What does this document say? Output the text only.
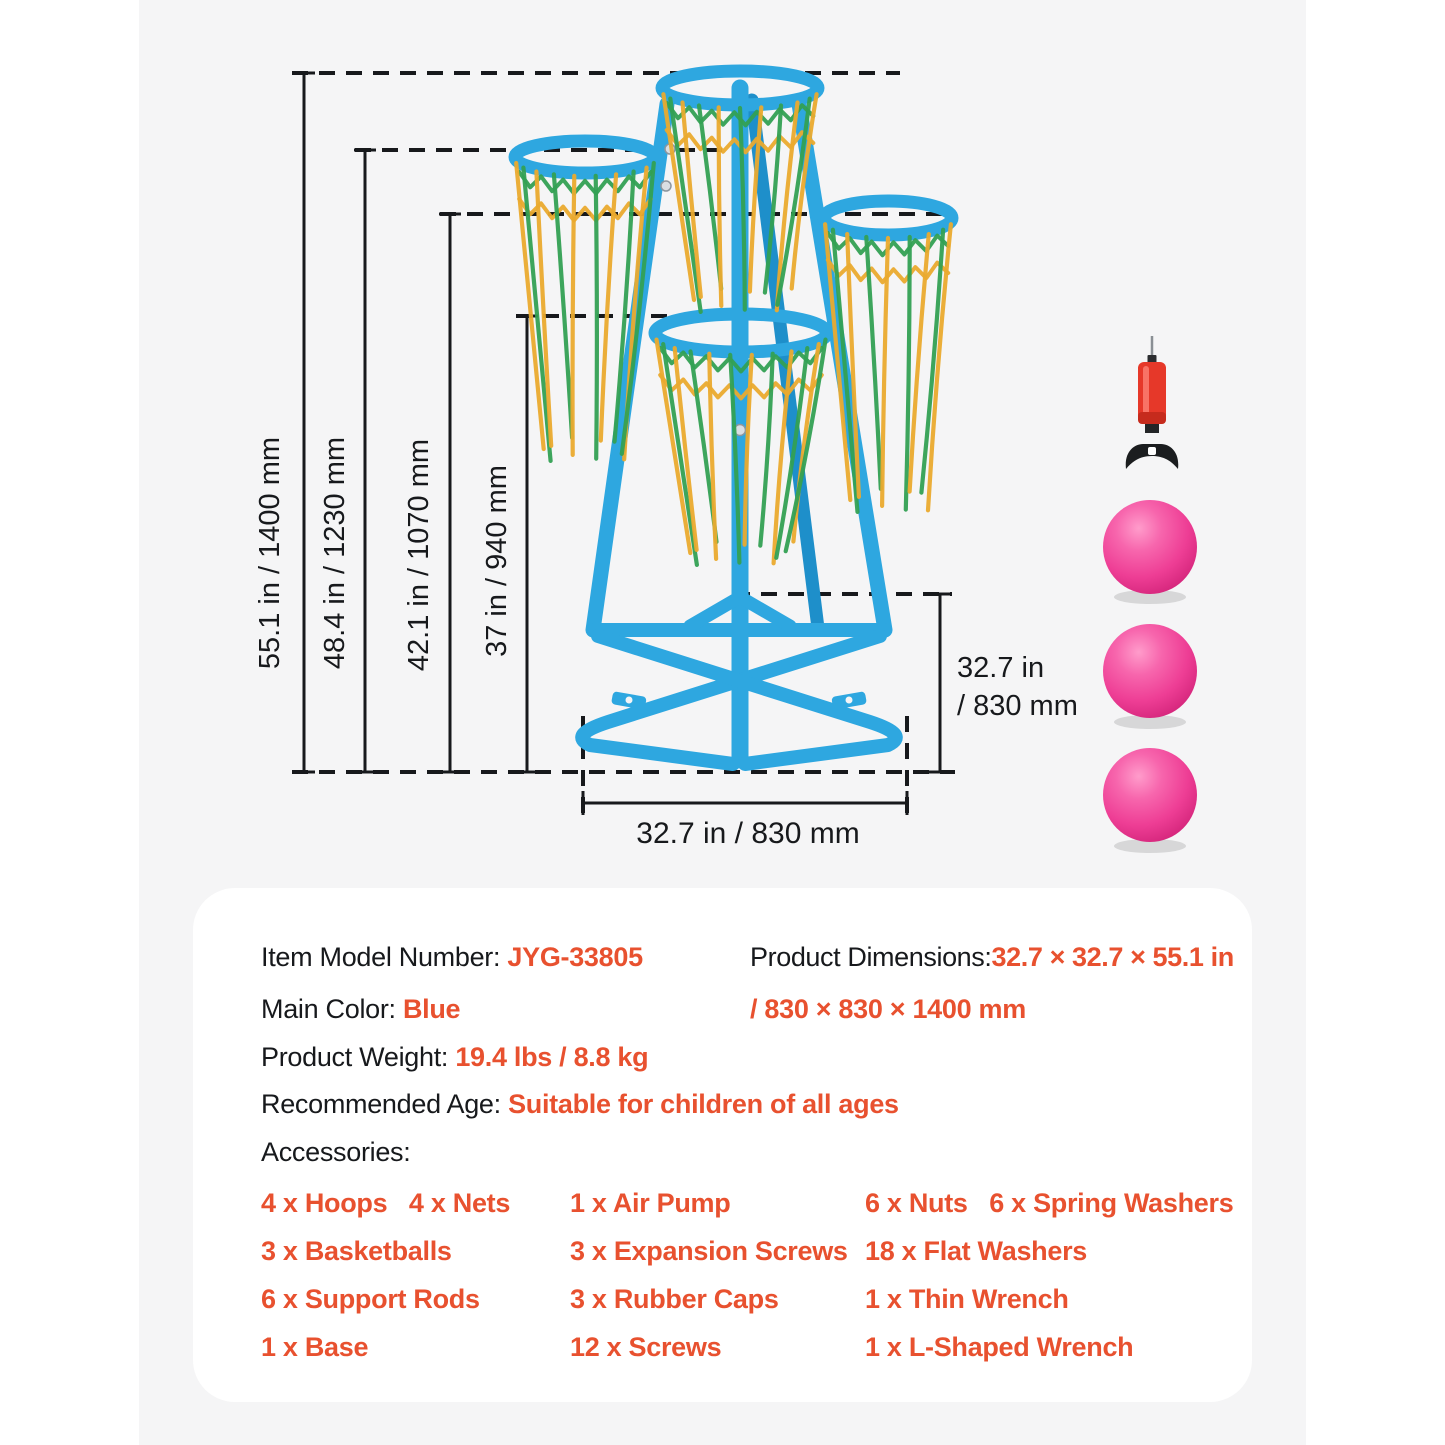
55.1 in / 1400 mm 48.4 in / 1230 mm 42.1 in / 1070 mm 37 in / 940 mm
32.7 in
/ 830 mm
32.7 in / 830 mm
Item Model Number: JYG-33805
Main Color: Blue
Product Weight: 19.4 lbs / 8.8 kg
Recommended Age: Suitable for children of all ages
Accessories:
Product Dimensions:32.7 × 32.7 × 55.1 in
/ 830 × 830 × 1400 mm
4 x Hoops   4 x Nets
3 x Basketballs
6 x Support Rods
1 x Base
1 x Air Pump
3 x Expansion Screws
3 x Rubber Caps
12 x Screws
6 x Nuts   6 x Spring Washers
18 x Flat Washers
1 x Thin Wrench
1 x L-Shaped Wrench
